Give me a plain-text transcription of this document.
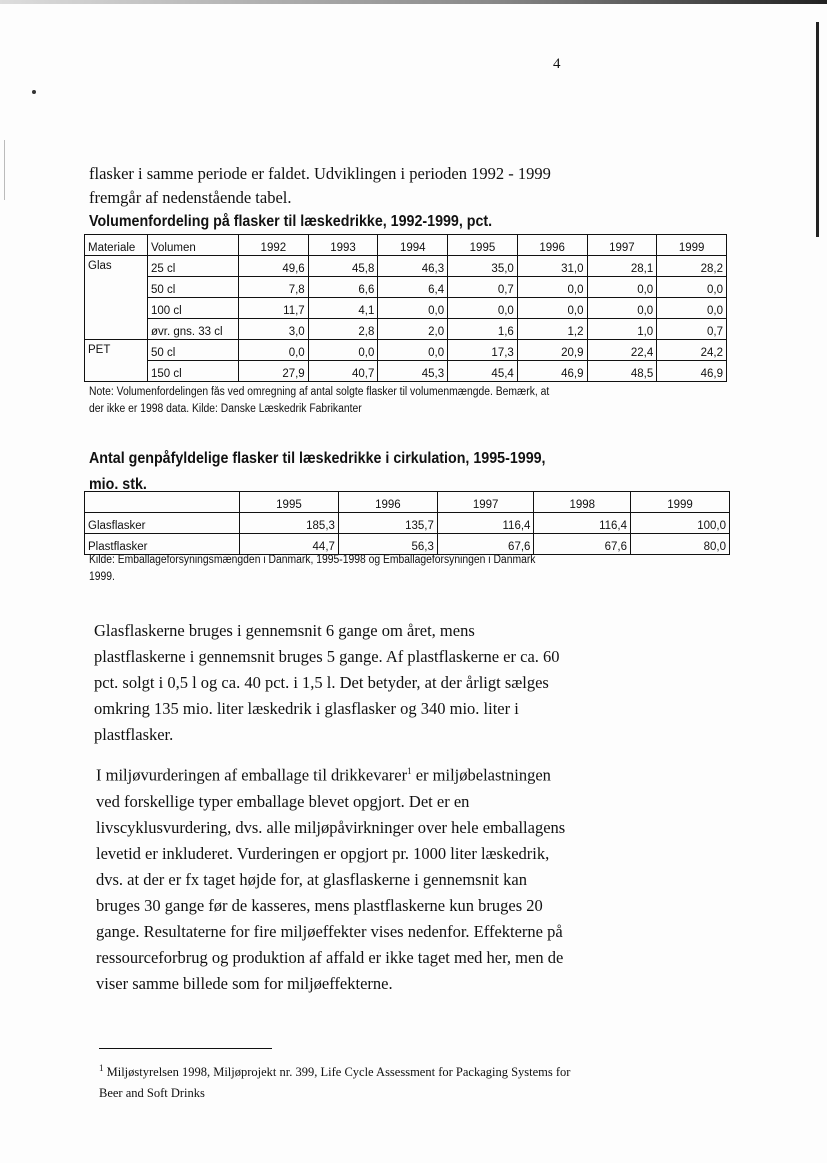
4
flasker i samme periode er faldet. Udviklingen i perioden 1992 - 1999 fremgår af nedenstående tabel.
Volumenfordeling på flasker til læskedrikke, 1992-1999, pct.
Materiale	Volumen	1992	1993	1994	1995	1996	1997	1999
Glas	25 cl	49,6	45,8	46,3	35,0	31,0	28,1	28,2
	50 cl	7,8	6,6	6,4	0,7	0,0	0,0	0,0
	100 cl	11,7	4,1	0,0	0,0	0,0	0,0	0,0
	øvr. gns. 33 cl	3,0	2,8	2,0	1,6	1,2	1,0	0,7
PET	50 cl	0,0	0,0	0,0	17,3	20,9	22,4	24,2
	150 cl	27,9	40,7	45,3	45,4	46,9	48,5	46,9
Note: Volumenfordelingen fås ved omregning af antal solgte flasker til volumenmængde. Bemærk, at der ikke er 1998 data. Kilde: Danske Læskedrik Fabrikanter
Antal genpåfyldelige flasker til læskedrikke i cirkulation, 1995-1999, mio. stk.
	1995	1996	1997	1998	1999
Glasflasker	185,3	135,7	116,4	116,4	100,0
Plastflasker	44,7	56,3	67,6	67,6	80,0
Kilde: Emballageforsyningsmængden i Danmark, 1995-1998 og Emballageforsyningen i Danmark 1999.
Glasflaskerne bruges i gennemsnit 6 gange om året, mens plastflaskerne i gennemsnit bruges 5 gange. Af plastflaskerne er ca. 60 pct. solgt i 0,5 l og ca. 40 pct. i 1,5 l. Det betyder, at der årligt sælges omkring 135 mio. liter læskedrik i glasflasker og 340 mio. liter i plastflasker.
I miljøvurderingen af emballage til drikkevarer$^1$ er miljøbelastningen ved forskellige typer emballage blevet opgjort. Det er en livscyklusvurdering, dvs. alle miljøpåvirkninger over hele emballagens levetid er inkluderet. Vurderingen er opgjort pr. 1000 liter læskedrik, dvs. at der er fx taget højde for, at glasflaskerne i gennemsnit kan bruges 30 gange før de kasseres, mens plastflaskerne kun bruges 20 gange. Resultaterne for fire miljøeffekter vises nedenfor. Effekterne på ressourceforbrug og produktion af affald er ikke taget med her, men de viser samme billede som for miljøeffekterne.
$^1$ Miljøstyrelsen 1998, Miljøprojekt nr. 399, Life Cycle Assessment for Packaging Systems for Beer and Soft Drinks
